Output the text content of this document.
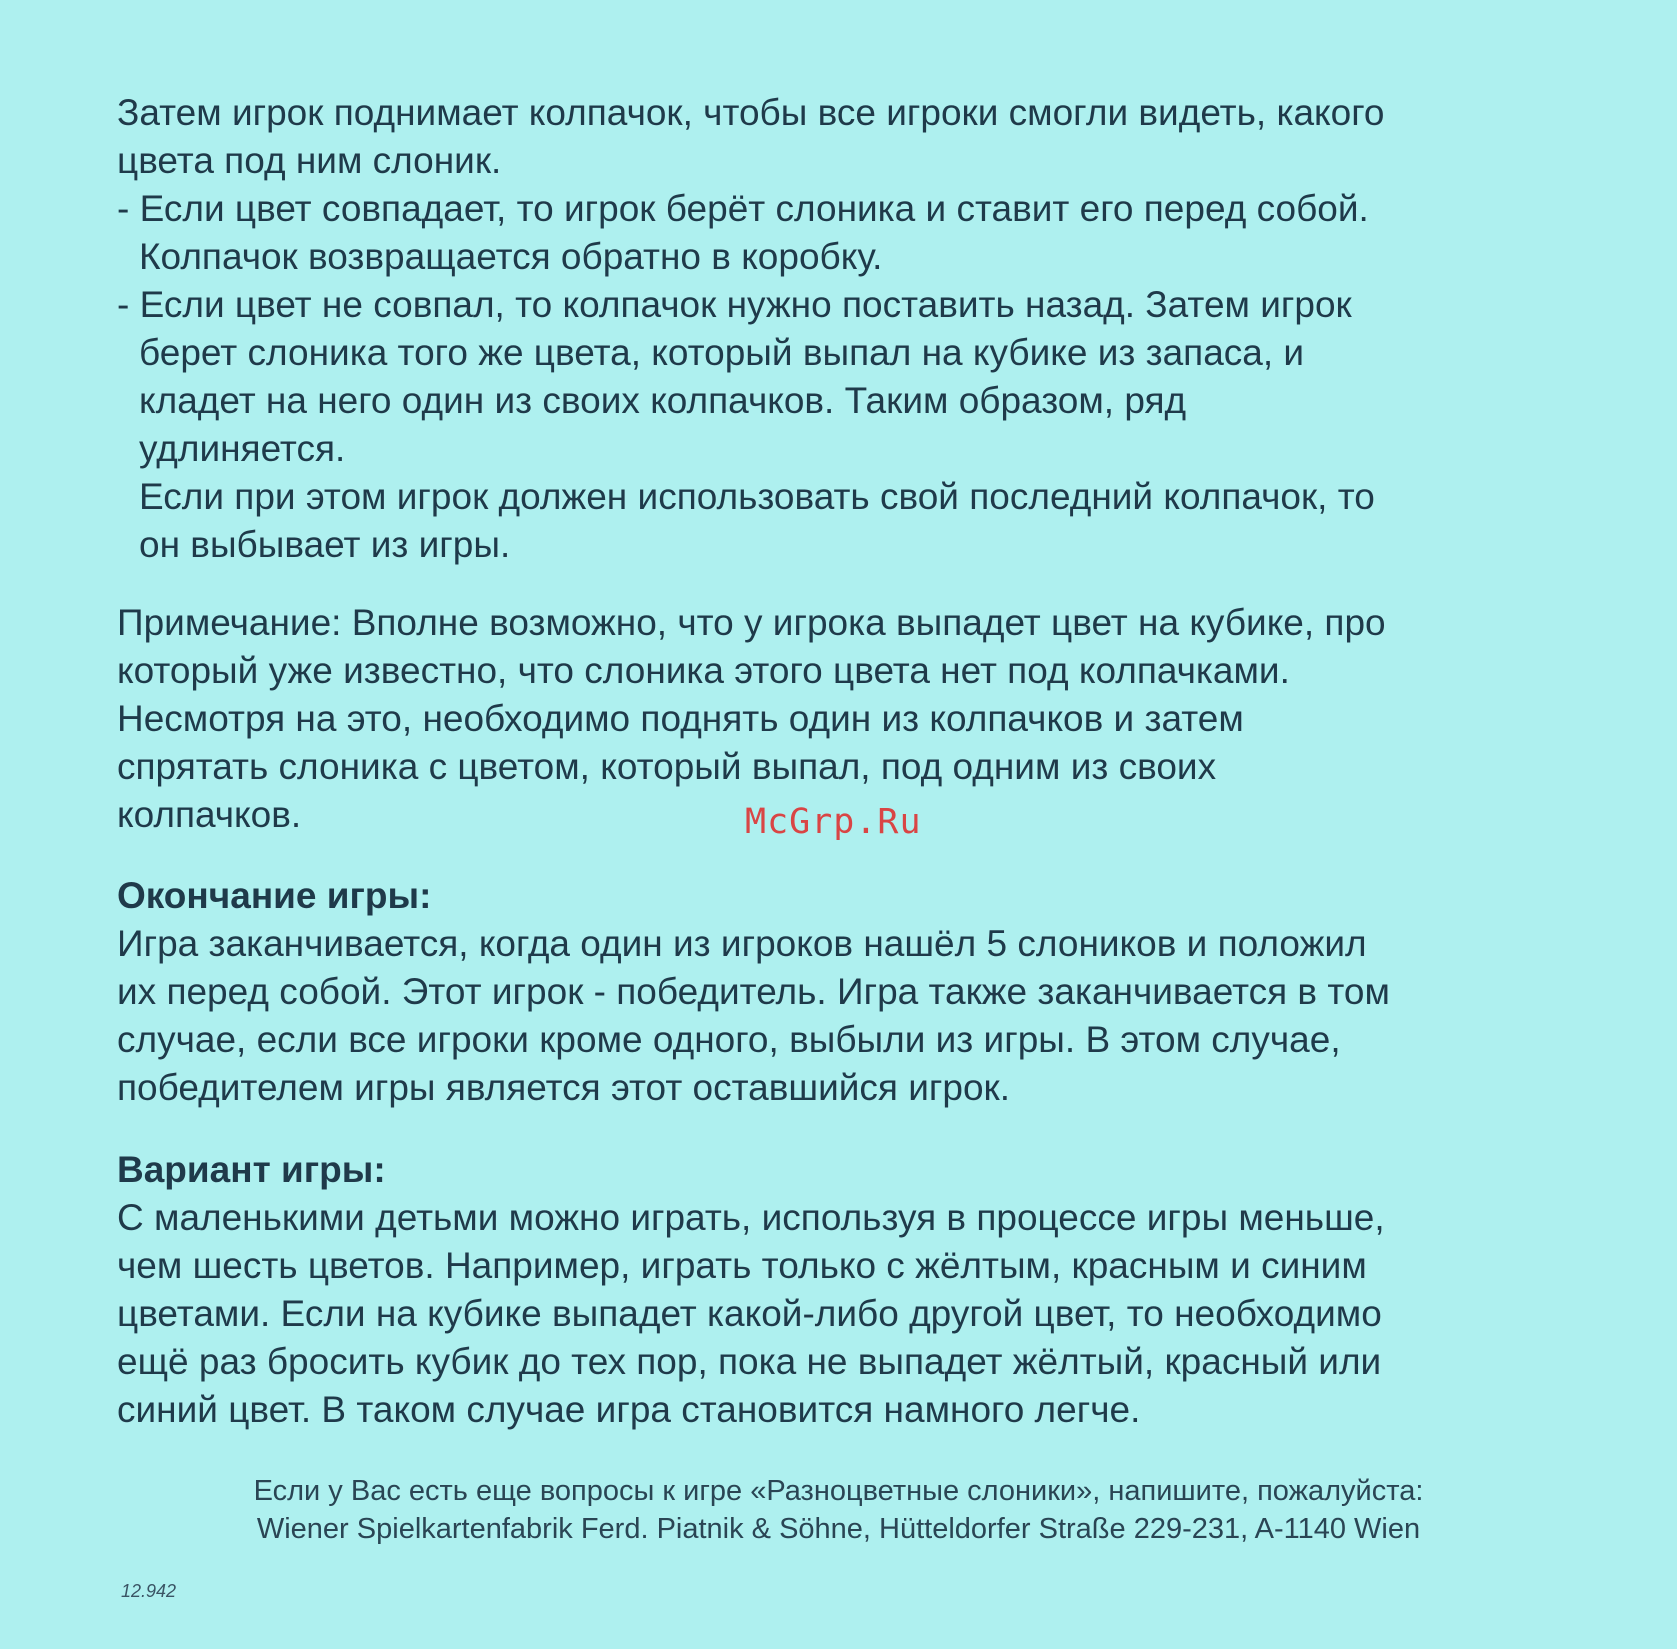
Затем игрок поднимает колпачок, чтобы все игроки смогли видеть, какого
цвета под ним слоник.
- Если цвет совпадает, то игрок берёт слоника и ставит его перед собой.
Колпачок возвращается обратно в коробку.
- Если цвет не совпал, то колпачок нужно поставить назад. Затем игрок
берет слоника того же цвета, который выпал на кубике из запаса, и
кладет на него один из своих колпачков. Таким образом, ряд
удлиняется.
Если при этом игрок должен использовать свой последний колпачок, то
он выбывает из игры.
Примечание: Вполне возможно, что у игрока выпадет цвет на кубике, про
который уже известно, что слоника этого цвета нет под колпачками.
Несмотря на это, необходимо поднять один из колпачков и затем
спрятать слоника с цветом, который выпал, под одним из своих
колпачков.	McGrp.Ru
Окончание игры:
Игра заканчивается, когда один из игроков нашёл 5 слоников и положил
их перед собой. Этот игрок - победитель. Игра также заканчивается в том
случае, если все игроки кроме одного, выбыли из игры. В этом случае,
победителем игры является этот оставшийся игрок.
Вариант игры:
С маленькими детьми можно играть, используя в процессе игры меньше,
чем шесть цветов. Например, играть только с жёлтым, красным и синим
цветами. Если на кубике выпадет какой-либо другой цвет, то необходимо
ещё раз бросить кубик до тех пор, пока не выпадет жёлтый, красный или
синий цвет. В таком случае игра становится намного легче.
Если у Вас есть еще вопросы к игре «Разноцветные слоники», напишите, пожалуйста:
Wiener Spielkartenfabrik Ferd. Piatnik & Söhne, Hütteldorfer Straße 229-231, A-1140 Wien
12.942
